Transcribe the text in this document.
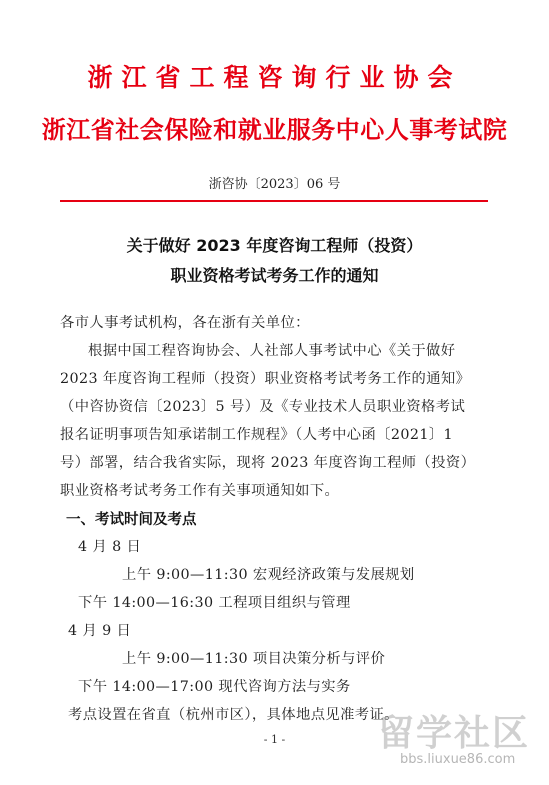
浙江省工程咨询行业协会
浙江省社会保险和就业服务中心人事考试院
浙咨协〔2023〕06 号
关于做好 2023 年度咨询工程师（投资）
职业资格考试考务工作的通知
各市人事考试机构，各在浙有关单位：
根据中国工程咨询协会、人社部人事考试中心《关于做好
2023 年度咨询工程师（投资）职业资格考试考务工作的通知》
（中咨协资信〔2023〕5 号）及《专业技术人员职业资格考试
报名证明事项告知承诺制工作规程》（人考中心函〔2021〕1
号）部署，结合我省实际，现将 2023 年度咨询工程师（投资）
职业资格考试考务工作有关事项通知如下。
一、考试时间及考点
4 月 8 日
上午 9:00—11:30 宏观经济政策与发展规划
下午 14:00—16:30 工程项目组织与管理
4 月 9 日
上午 9:00—11:30 项目决策分析与评价
下午 14:00—17:00 现代咨询方法与实务
考点设置在省直（杭州市区），具体地点见准考证。
- 1 -	留学社区
bbs.liuxue86.com
